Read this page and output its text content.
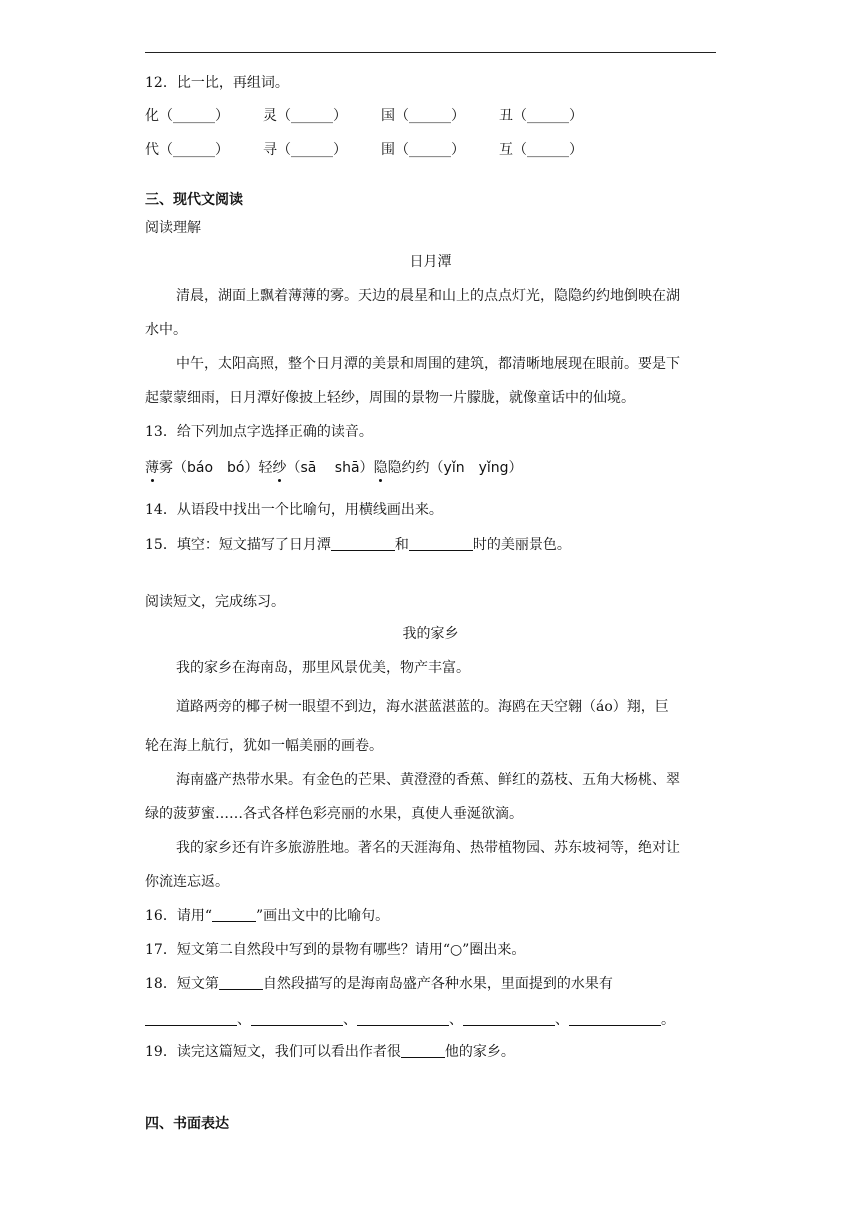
12．比一比，再组词。
化（______） 灵（______） 国（______） 丑（______）
代（______） 寻（______） 围（______） 互（______）
三、现代文阅读
阅读理解
日月潭
清晨，湖面上飘着薄薄的雾。天边的晨星和山上的点点灯光，隐隐约约地倒映在湖
水中。
中午，太阳高照，整个日月潭的美景和周围的建筑，都清晰地展现在眼前。要是下
起蒙蒙细雨，日月潭好像披上轻纱，周围的景物一片朦胧，就像童话中的仙境。
13．给下列加点字选择正确的读音。
薄雾（báo　bó）轻纱（sā　 shā）隐隐约约（yǐn　yǐng）
14．从语段中找出一个比喻句，用横线画出来。
15．填空：短文描写了日月潭	和	时的美丽景色。
阅读短文，完成练习。
我的家乡
我的家乡在海南岛，那里风景优美，物产丰富。
道路两旁的椰子树一眼望不到边，海水湛蓝湛蓝的。海鸥在天空翱（áo）翔，巨
轮在海上航行，犹如一幅美丽的画卷。
海南盛产热带水果。有金色的芒果、黄澄澄的香蕉、鲜红的荔枝、五角大杨桃、翠
绿的菠萝蜜……各式各样色彩亮丽的水果，真使人垂涎欲滴。
我的家乡还有许多旅游胜地。著名的天涯海角、热带植物园、苏东坡祠等，绝对让
你流连忘返。
16．请用“	”画出文中的比喻句。
17．短文第二自然段中写到的景物有哪些？请用“○”圈出来。
18．短文第	自然段描写的是海南岛盛产各种水果，里面提到的水果有
、	、	、	、	。
19．读完这篇短文，我们可以看出作者很	他的家乡。
四、书面表达
